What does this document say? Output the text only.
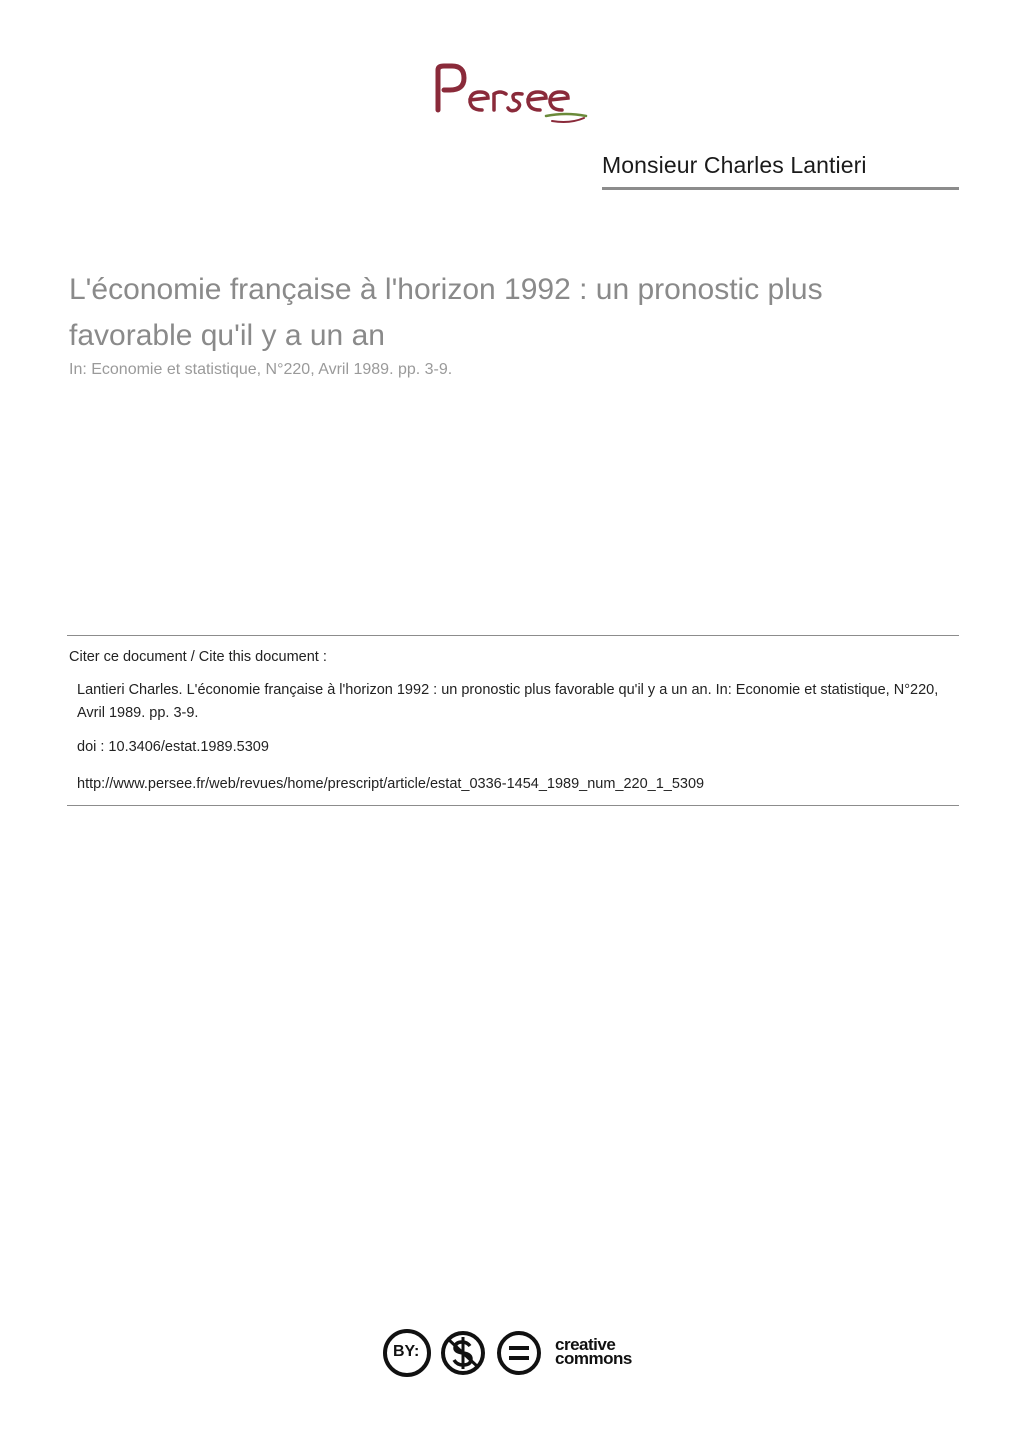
Monsieur Charles Lantieri
L'économie française à l'horizon 1992 : un pronostic plus favorable qu'il y a un an
In: Economie et statistique, N°220, Avril 1989. pp. 3-9.
Citer ce document / Cite this document :
Lantieri Charles. L'économie française à l'horizon 1992 : un pronostic plus favorable qu'il y a un an. In: Economie et statistique, N°220, Avril 1989. pp. 3-9.
doi : 10.3406/estat.1989.5309
http://www.persee.fr/web/revues/home/prescript/article/estat_0336-1454_1989_num_220_1_5309
BY:	creative
commons
